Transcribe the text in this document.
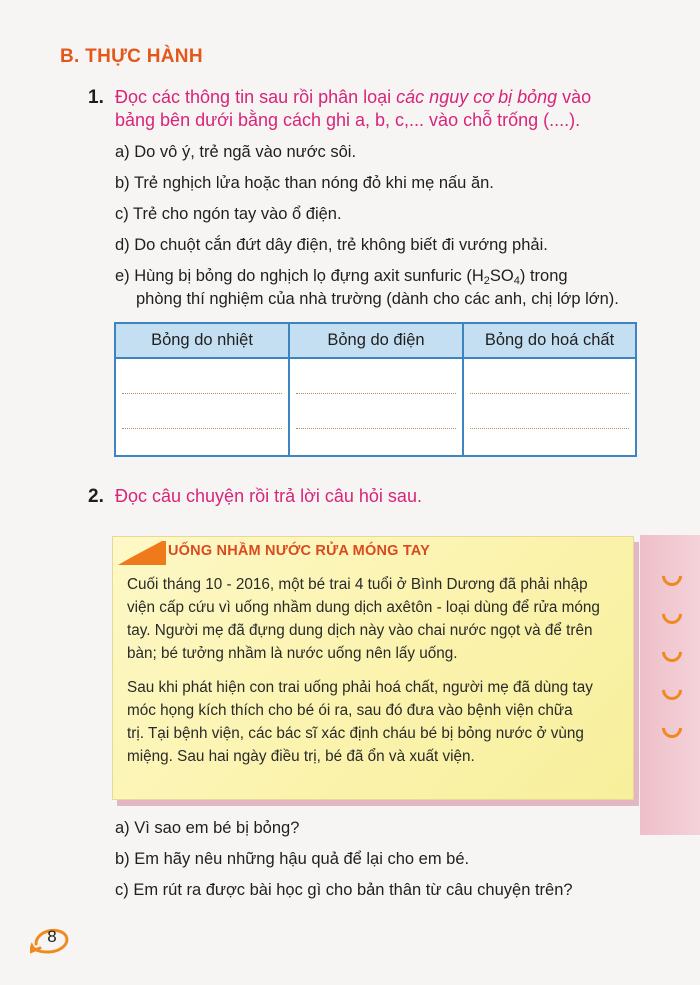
B. THỰC HÀNH
1. Đọc các thông tin sau rồi phân loại các nguy cơ bị bỏng vào
bảng bên dưới bằng cách ghi a, b, c,... vào chỗ trống (....).
a) Do vô ý, trẻ ngã vào nước sôi.
b) Trẻ nghịch lửa hoặc than nóng đỏ khi mẹ nấu ăn.
c) Trẻ cho ngón tay vào ổ điện.
d) Do chuột cắn đứt dây điện, trẻ không biết đi vướng phải.
e) Hùng bị bỏng do nghịch lọ đựng axit sunfuric $(H_2SO_4)$ trong
phòng thí nghiệm của nhà trường (dành cho các anh, chị lớp lớn).
Bỏng do nhiệt	Bỏng do điện	Bỏng do hoá chất

2. Đọc câu chuyện rồi trả lời câu hỏi sau.
UỐNG NHẦM NƯỚC RỬA MÓNG TAY
Cuối tháng 10 - 2016, một bé trai 4 tuổi ở Bình Dương đã phải nhập
viện cấp cứu vì uống nhầm dung dịch axêtôn - loại dùng để rửa móng
tay. Người mẹ đã đựng dung dịch này vào chai nước ngọt và để trên
bàn; bé tưởng nhầm là nước uống nên lấy uống.
Sau khi phát hiện con trai uống phải hoá chất, người mẹ đã dùng tay
móc họng kích thích cho bé ói ra, sau đó đưa vào bệnh viện chữa
trị. Tại bệnh viện, các bác sĩ xác định cháu bé bị bỏng nước ở vùng
miệng. Sau hai ngày điều trị, bé đã ổn và xuất viện.
a) Vì sao em bé bị bỏng?
b) Em hãy nêu những hậu quả để lại cho em bé.
c) Em rút ra được bài học gì cho bản thân từ câu chuyện trên?
8
